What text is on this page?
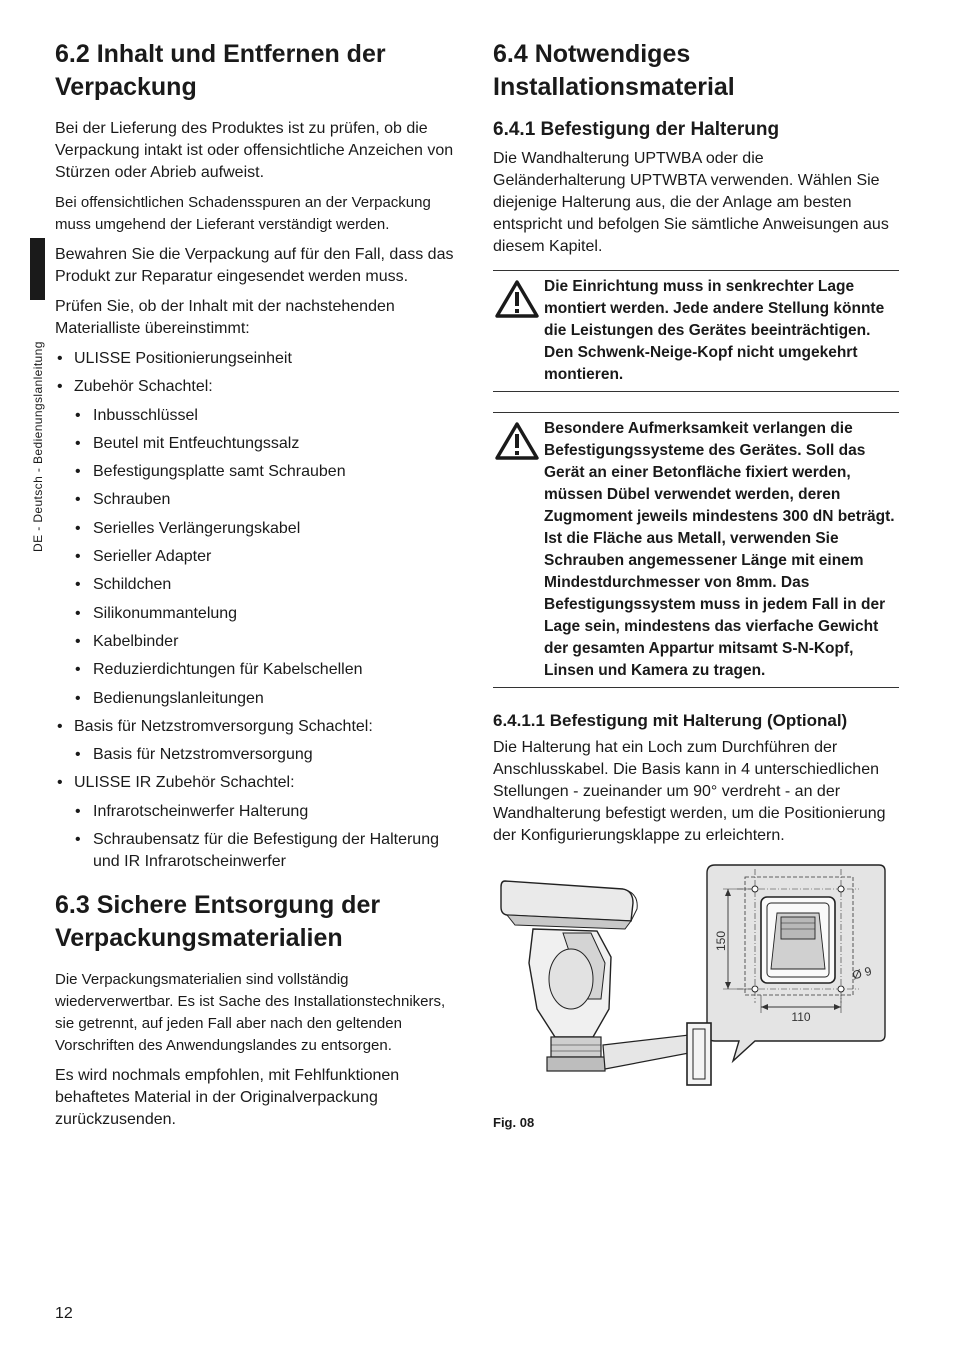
DE - Deutsch - Bedienungslanleitung
6.2 Inhalt und Entfernen der Verpackung

Bei der Lieferung des Produktes ist zu prüfen, ob die Verpackung intakt ist oder offensichtliche Anzeichen von Stürzen oder Abrieb aufweist.

Bei offensichtlichen Schadensspuren an der Verpackung muss umgehend der Lieferant verständigt werden.

Bewahren Sie die Verpackung auf für den Fall, dass das Produkt zur Reparatur eingesendet werden muss.

Prüfen Sie, ob der Inhalt mit der nachstehenden Materialliste übereinstimmt:

• ULISSE Positionierungseinheit
• Zubehör Schachtel:
• Inbusschlüssel
• Beutel mit Entfeuchtungssalz
• Befestigungsplatte samt Schrauben
• Schrauben
• Serielles Verlängerungskabel
• Serieller Adapter
• Schildchen
• Silikonummantelung
• Kabelbinder
• Reduzierdichtungen für Kabelschellen
• Bedienungslanleitungen
• Basis für Netzstromversorgung Schachtel:
• Basis für Netzstromversorgung
• ULISSE IR Zubehör Schachtel:
• Infrarotscheinwerfer Halterung
• Schraubensatz für die Befestigung der Halterung und IR Infrarotscheinwerfer
6.3 Sichere Entsorgung der Verpackungsmaterialien

Die Verpackungsmaterialien sind vollständig wiederverwertbar. Es ist Sache des Installationstechnikers, sie getrennt, auf jeden Fall aber nach den geltenden Vorschriften des Anwendungslandes zu entsorgen.

Es wird nochmals empfohlen, mit Fehlfunktionen behaftetes Material in der Originalverpackung zurückzusenden.

6.4 Notwendiges Installationsmaterial
6.4.1 Befestigung der Halterung

Die Wandhalterung UPTWBA oder die Geländerhalterung UPTWBTA verwenden. Wählen Sie diejenige Halterung aus, die der Anlage am besten entspricht und befolgen Sie sämtliche Anweisungen aus diesem Kapitel.

Die Einrichtung muss in senkrechter Lage montiert werden. Jede andere Stellung könnte die Leistungen des Gerätes beeinträchtigen. Den Schwenk-Neige-Kopf nicht umgekehrt montieren.
Besondere Aufmerksamkeit verlangen die Befestigungssysteme des Gerätes. Soll das Gerät an einer Betonfläche fixiert werden, müssen Dübel verwendet werden, deren Zugmoment jeweils mindestens 300 dN beträgt. Ist die Fläche aus Metall, verwenden Sie Schrauben angemessener Länge mit einem Mindestdurchmesser von 8mm. Das Befestigungssystem muss in jedem Fall in der Lage sein, mindestens das vierfache Gewicht der gesamten Appartur mitsamt S-N-Kopf, Linsen und Kamera zu tragen.
6.4.1.1 Befestigung mit Halterung (Optional)

Die Halterung hat ein Loch zum Durchführen der Anschlusskabel. Die Basis kann in 4 unterschiedlichen Stellungen - zueinander um 90° verdreht - an der Wandhalterung befestigt werden, um die Positionierung der Konfigurierungsklappe zu erleichtern.

150
110
Ø 9
Fig. 08
12
